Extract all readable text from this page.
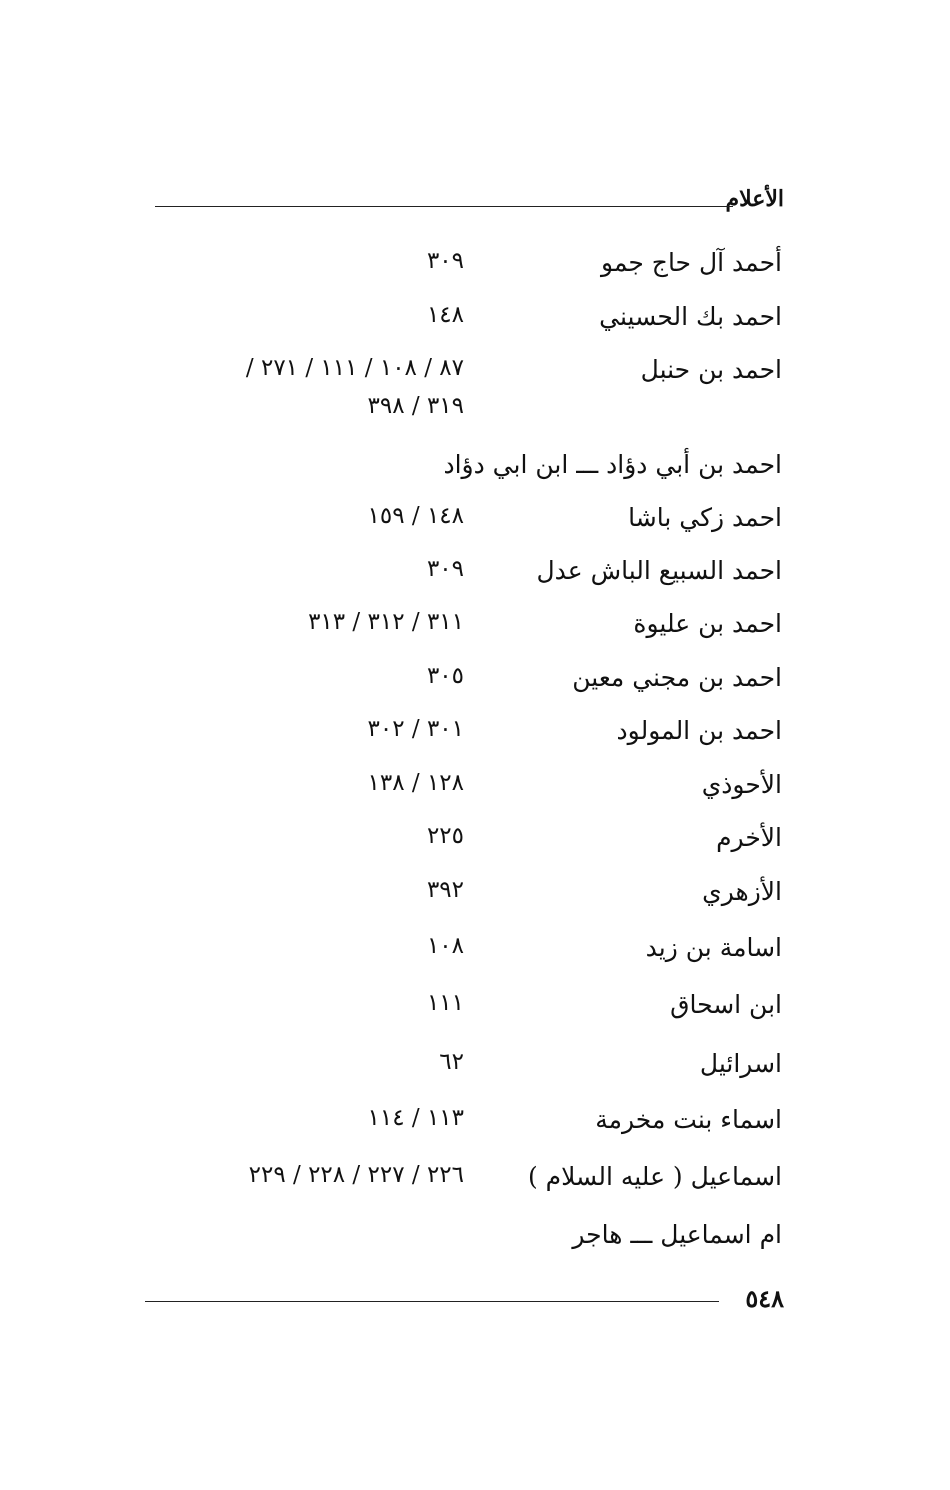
الأعلام
أحمد آل حاج جمو
٣٠٩
احمد بك الحسيني
١٤٨
احمد بن حنبل
٨٧ / ١٠٨ / ١١١ / ٢٧١ /
٣١٩ / ٣٩٨
احمد بن أبي دؤاد ـــ ابن ابي دؤاد
احمد زكي باشا
١٤٨ / ١٥٩
احمد السبيع الباش عدل
٣٠٩
احمد بن عليوة
٣١١ / ٣١٢ / ٣١٣
احمد بن مجني معين
٣٠٥
احمد بن المولود
٣٠١ / ٣٠٢
الأحوذي
١٢٨ / ١٣٨
الأخرم
٢٢٥
الأزهري
٣٩٢
اسامة بن زيد
١٠٨
ابن اسحاق
١١١
اسرائيل
٦٢
اسماء بنت مخرمة
١١٣ / ١١٤
اسماعيل ( عليه السلام )
٢٢٦ / ٢٢٧ / ٢٢٨ / ٢٢٩
ام اسماعيل ـــ هاجر
٥٤٨
